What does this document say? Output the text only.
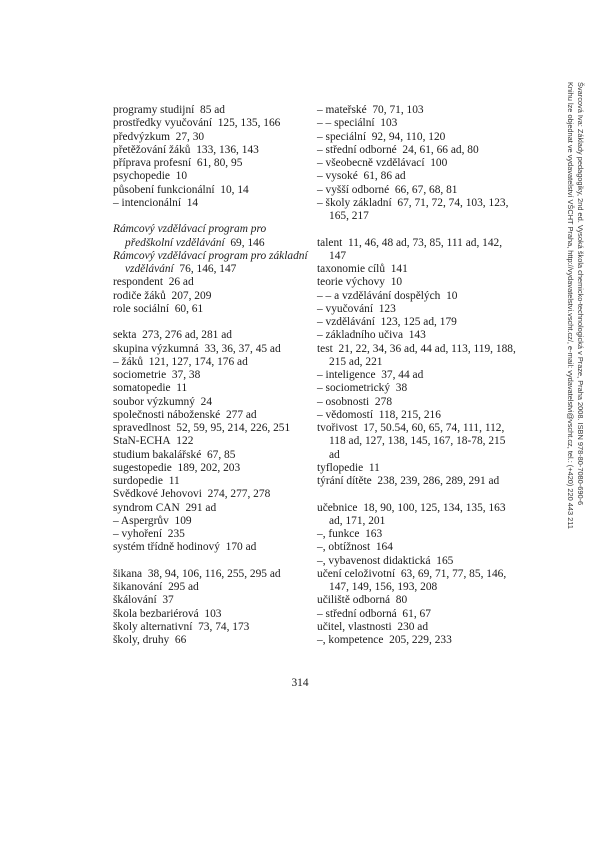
programy studijní 85 ad
prostředky vyučování 125, 135, 166
předvýzkum 27, 30
přetěžování žáků 133, 136, 143
příprava profesní 61, 80, 95
psychopedie 10
působení funkcionální 10, 14
– intencionální 14
Rámcový vzdělávací program pro předškolní vzdělávání 69, 146
Rámcový vzdělávací program pro základní vzdělávání 76, 146, 147
respondent 26 ad
rodiče žáků 207, 209
role sociální 60, 61
sekta 273, 276 ad, 281 ad
skupina výzkumná 33, 36, 37, 45 ad
– žáků 121, 127, 174, 176 ad
sociometrie 37, 38
somatopedie 11
soubor výzkumný 24
společnosti náboženské 277 ad
spravedlnost 52, 59, 95, 214, 226, 251
StaN-ECHA 122
studium bakalářské 67, 85
sugestopedie 189, 202, 203
surdopedie 11
Svědkové Jehovovi 274, 277, 278
syndrom CAN 291 ad
– Aspergrův 109
– vyhoření 235
systém třídně hodinový 170 ad
šikana 38, 94, 106, 116, 255, 295 ad
šikanování 295 ad
škálování 37
škola bezbariérová 103
školy alternativní 73, 74, 173
školy, druhy 66
– mateřské 70, 71, 103
– – speciální 103
– speciální 92, 94, 110, 120
– střední odborné 24, 61, 66 ad, 80
– všeobecně vzdělávací 100
– vysoké 61, 86 ad
– vyšší odborné 66, 67, 68, 81
– školy základní 67, 71, 72, 74, 103, 123, 165, 217
talent 11, 46, 48 ad, 73, 85, 111 ad, 142, 147
taxonomie cílů 141
teorie výchovy 10
– – a vzdělávání dospělých 10
– vyučování 123
– vzdělávání 123, 125 ad, 179
– základního učiva 143
test 21, 22, 34, 36 ad, 44 ad, 113, 119, 188, 215 ad, 221
– inteligence 37, 44 ad
– sociometrický 38
– osobnosti 278
– vědomostí 118, 215, 216
tvořivost 17, 50.54, 60, 65, 74, 111, 112, 118 ad, 127, 138, 145, 167, 18-78, 215 ad
tyflopedie 11
týrání dítěte 238, 239, 286, 289, 291 ad
učebnice 18, 90, 100, 125, 134, 135, 163 ad, 171, 201
–, funkce 163
–, obtížnost 164
–, vybavenost didaktická 165
učení celoživotní 63, 69, 71, 77, 85, 146, 147, 149, 156, 193, 208
učiliště odborná 80
– střední odborná 61, 67
učitel, vlastnosti 230 ad
–, kompetence 205, 229, 233
314
Švarcová Iva: Základy pedagogiky, 2nd ed. Vysoká škola chemicko-technologická v Praze, Praha 2008. ISBN 978-80-7080-690-6
Knihu lze objednat ve vydavatelství VŠCHT Praha, http://vydavatelstvi.vscht.cz/, e-mail: vydavatelstvi@vscht.cz, tel.: (+420) 220 443 211
